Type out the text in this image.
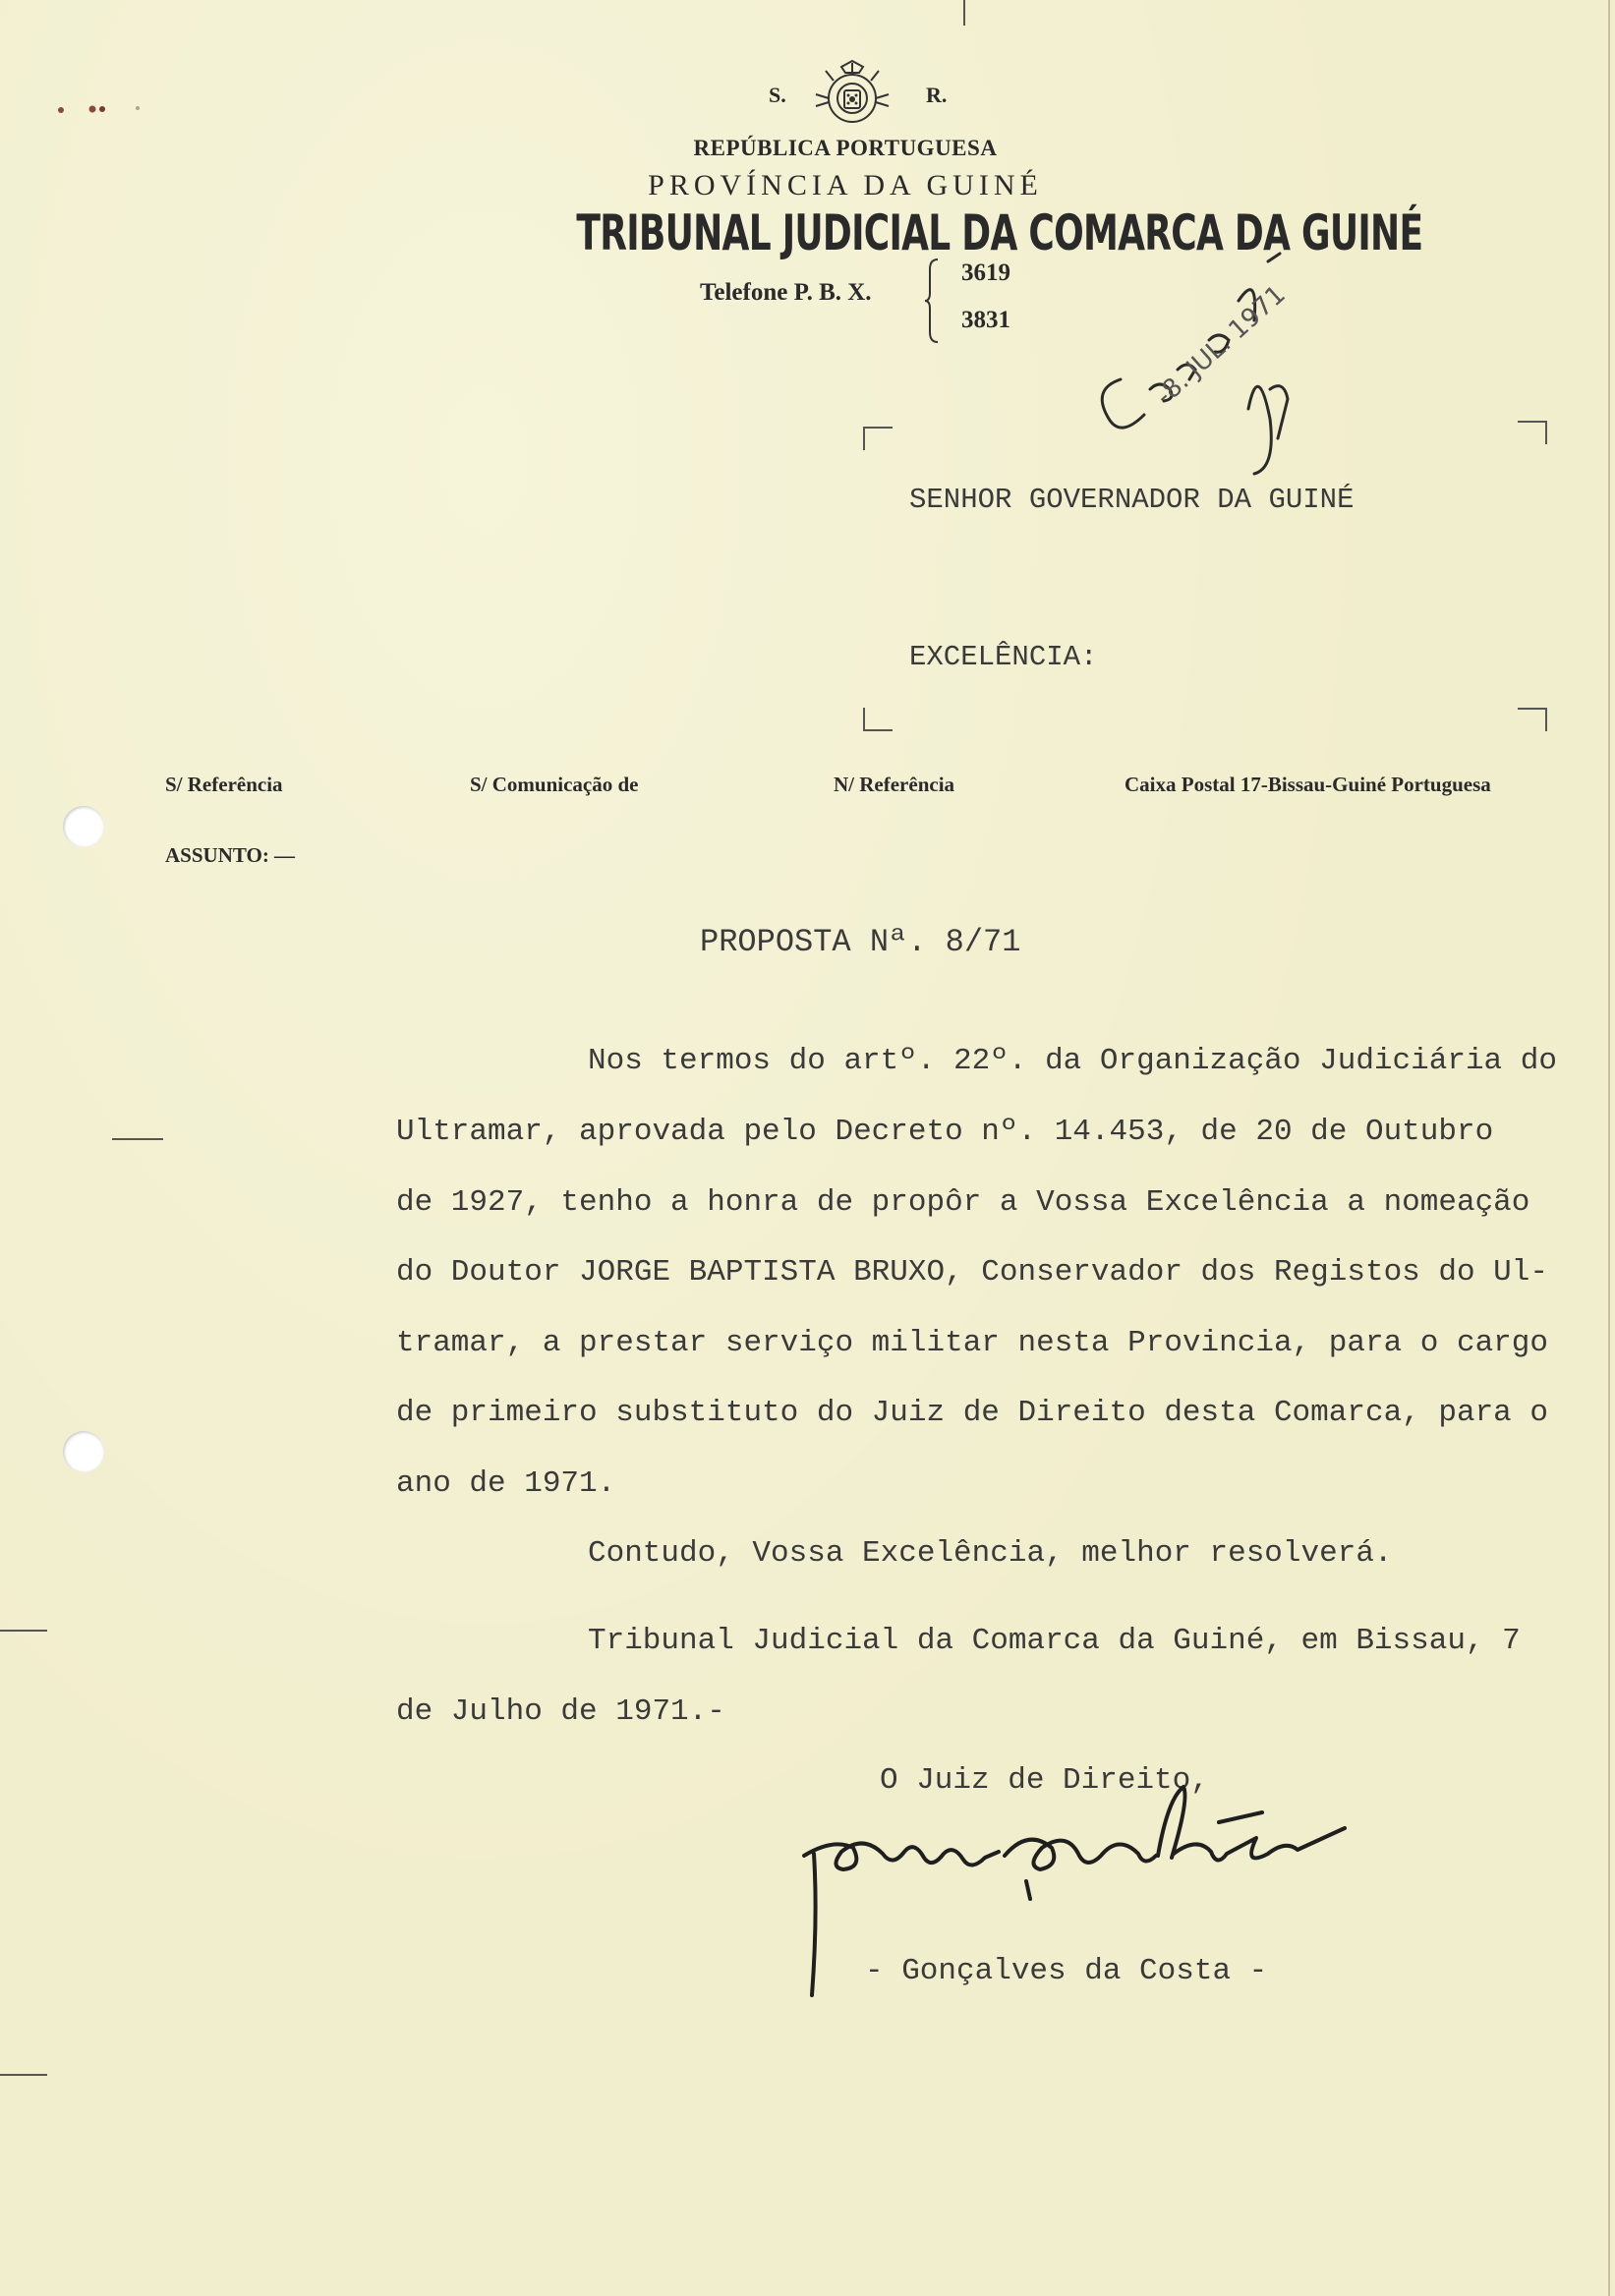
S.	R.
REPÚBLICA PORTUGUESA
PROVÍNCIA DA GUINÉ
TRIBUNAL JUDICIAL DA COMARCA DA GUINÉ
Telefone P. B. X.
3619
3831	-8. JUL. 1971
SENHOR GOVERNADOR DA GUINÉ
EXCELÊNCIA:
S/ Referência	S/ Comunicação de	N/ Referência	Caixa Postal 17-Bissau-Guiné Portuguesa
ASSUNTO: —
PROPOSTA Nª. 8/71
Nos termos do artº. 22º. da Organização Judiciária do
Ultramar, aprovada pelo Decreto nº. 14.453, de 20 de Outubro
de 1927, tenho a honra de propôr a Vossa Excelência a nomeação
do Doutor JORGE BAPTISTA BRUXO, Conservador dos Registos do Ul-
tramar, a prestar serviço militar nesta Provincia, para o cargo
de primeiro substituto do Juiz de Direito desta Comarca, para o
ano de 1971.
Contudo, Vossa Excelência, melhor resolverá.
Tribunal Judicial da Comarca da Guiné, em Bissau, 7
de Julho de 1971.-
O Juiz de Direito,
- Gonçalves da Costa -
